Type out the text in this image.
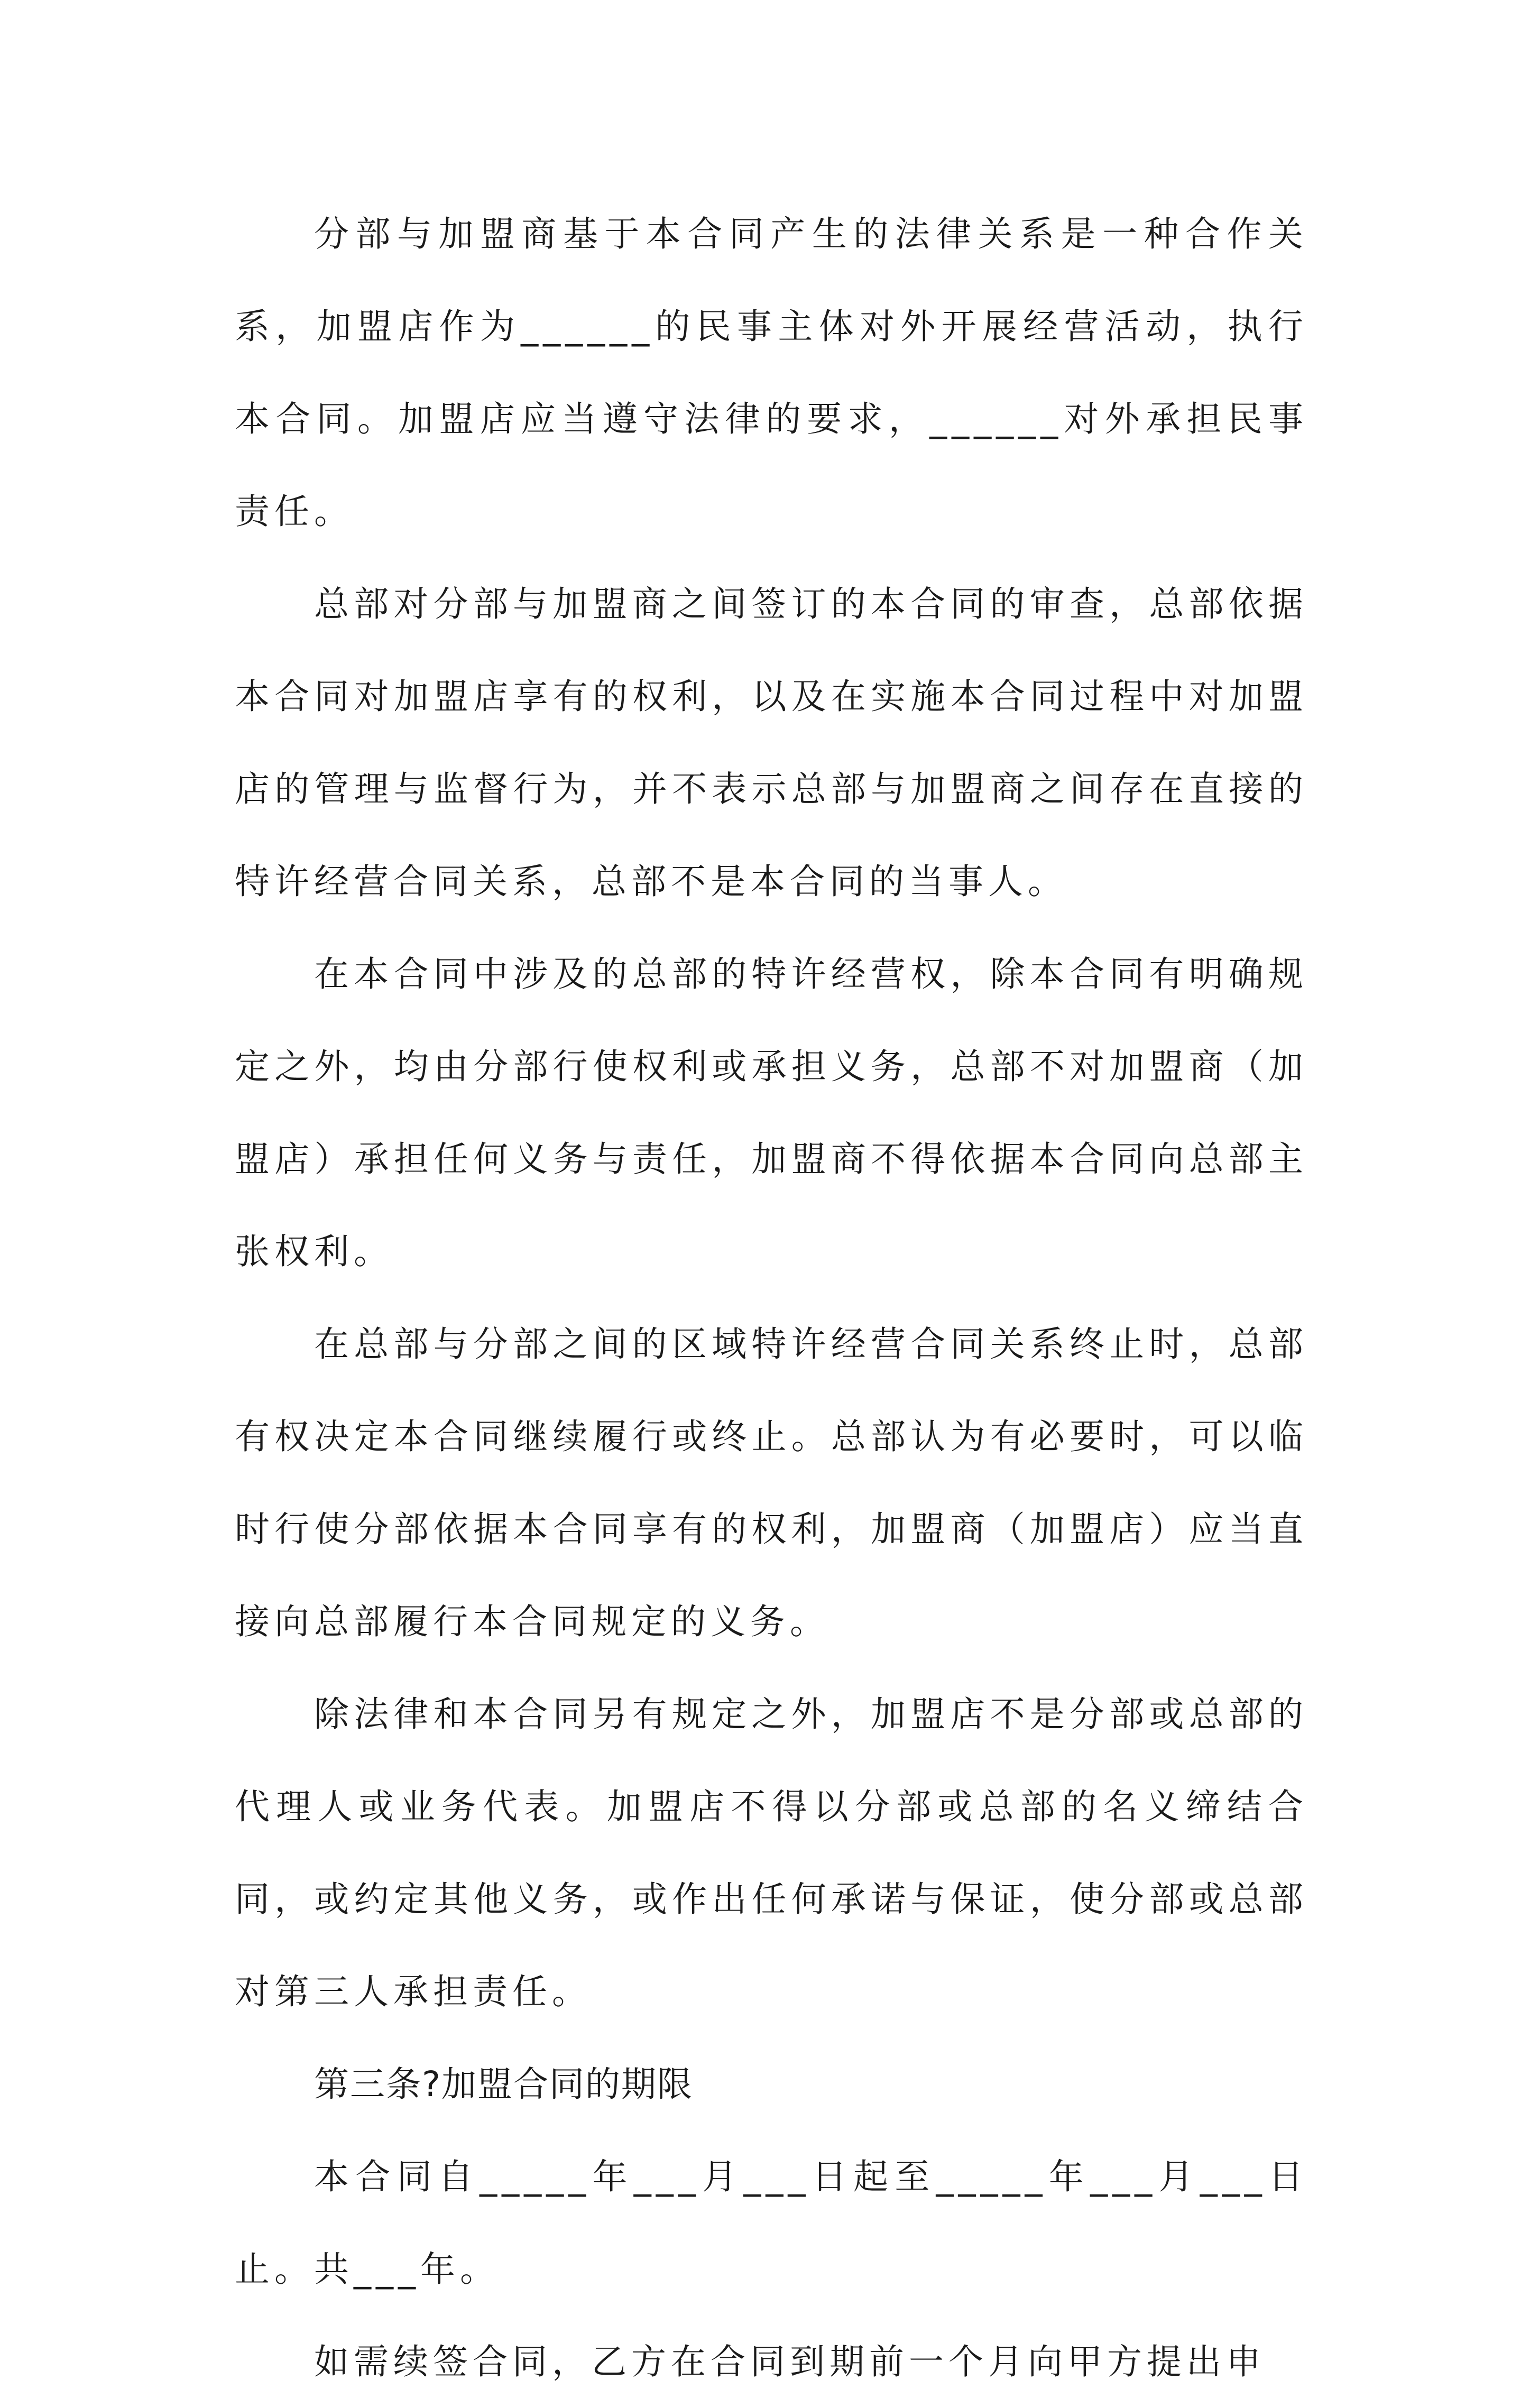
分部与加盟商基于本合同产生的法律关系是一种合作关系，加盟店作为______的民事主体对外开展经营活动，执行本合同。加盟店应当遵守法律的要求，______对外承担民事责任。

总部对分部与加盟商之间签订的本合同的审查，总部依据本合同对加盟店享有的权利，以及在实施本合同过程中对加盟店的管理与监督行为，并不表示总部与加盟商之间存在直接的特许经营合同关系，总部不是本合同的当事人。

在本合同中涉及的总部的特许经营权，除本合同有明确规定之外，均由分部行使权利或承担义务，总部不对加盟商（加盟店）承担任何义务与责任，加盟商不得依据本合同向总部主张权利。

在总部与分部之间的区域特许经营合同关系终止时，总部有权决定本合同继续履行或终止。总部认为有必要时，可以临时行使分部依据本合同享有的权利，加盟商（加盟店）应当直接向总部履行本合同规定的义务。

除法律和本合同另有规定之外，加盟店不是分部或总部的代理人或业务代表。加盟店不得以分部或总部的名义缔结合同，或约定其他义务，或作出任何承诺与保证，使分部或总部对第三人承担责任。

第三条?加盟合同的期限

本合同自_____年___月___日起至_____年___月___日止。共___年。

如需续签合同，乙方在合同到期前一个月向甲方提出申
